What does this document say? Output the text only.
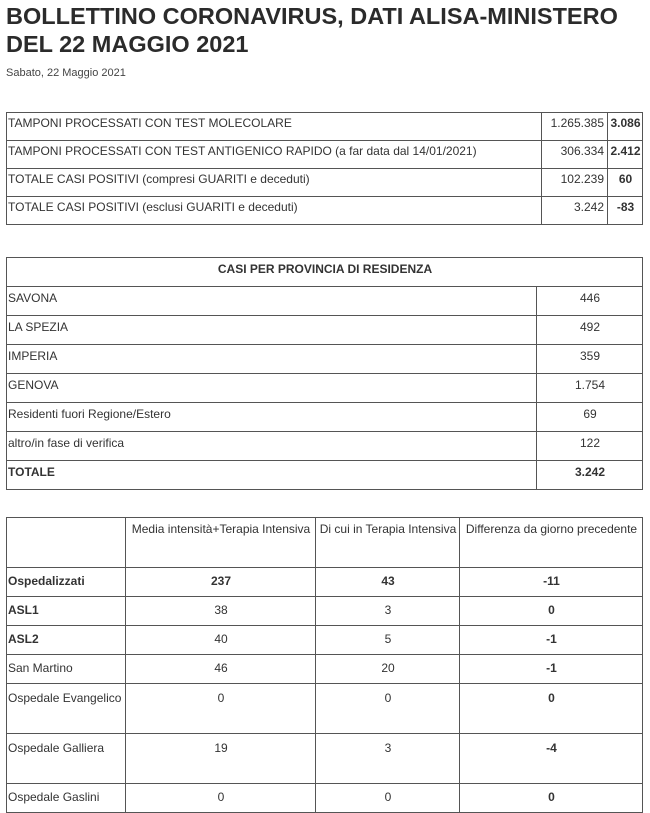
BOLLETTINO CORONAVIRUS, DATI ALISA-MINISTERO DEL 22 MAGGIO 2021
Sabato, 22 Maggio 2021
TAMPONI PROCESSATI CON TEST MOLECOLARE	1.265.385	3.086
TAMPONI PROCESSATI CON TEST ANTIGENICO RAPIDO (a far data dal 14/01/2021)	306.334	2.412
TOTALE CASI POSITIVI (compresi GUARITI e deceduti)	102.239	60
TOTALE CASI POSITIVI (esclusi GUARITI e deceduti)	3.242	-83
CASI PER PROVINCIA DI RESIDENZA	
SAVONA	446
LA SPEZIA	492
IMPERIA	359
GENOVA	1.754
Residenti fuori Regione/Estero	69
altro/in fase di verifica	122
TOTALE	3.242
	Media intensità+Terapia Intensiva	Di cui in Terapia Intensiva	Differenza da giorno precedente
Ospedalizzati	237	43	-11
ASL1	38	3	0
ASL2	40	5	-1
San Martino	46	20	-1
Ospedale Evangelico	0	0	0
Ospedale Galliera	19	3	-4
Ospedale Gaslini	0	0	0
